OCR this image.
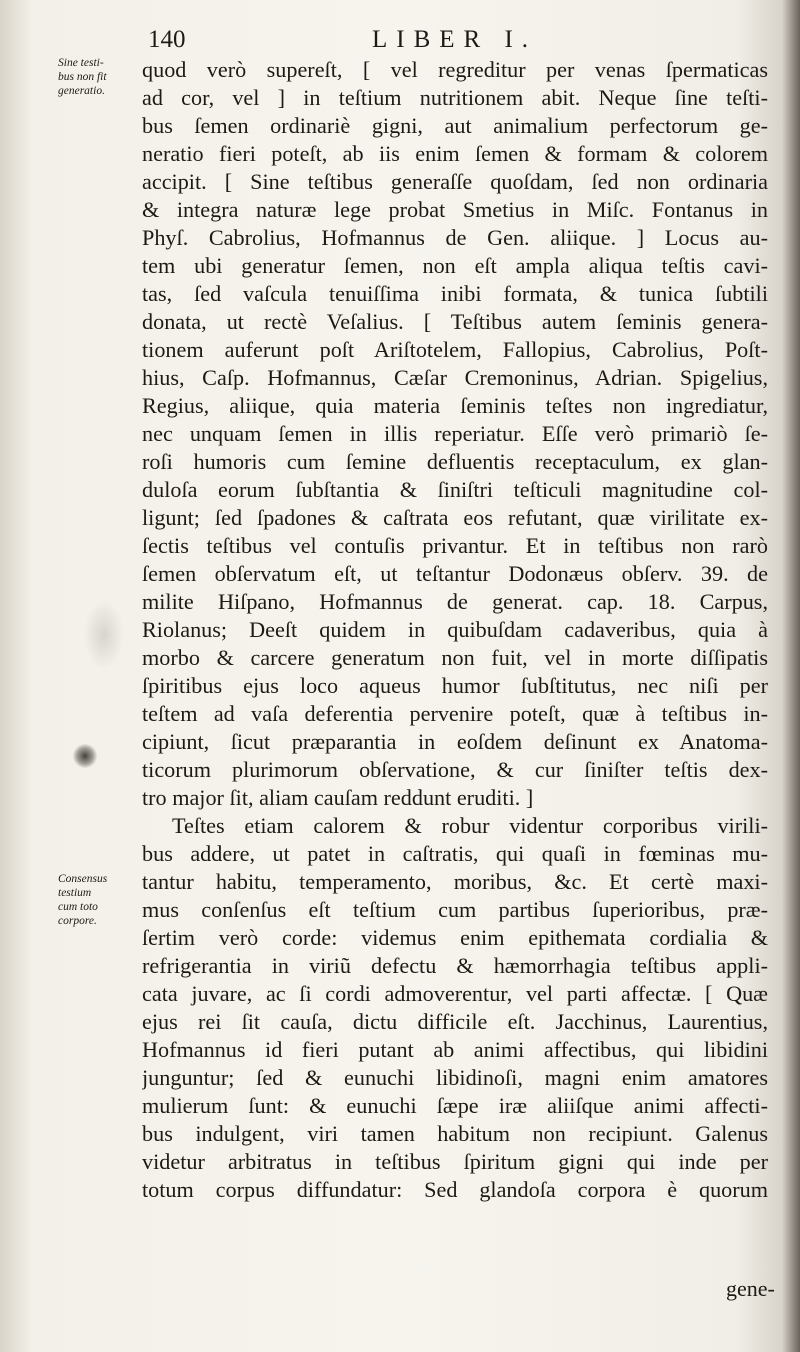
140	LIBER I.
Sine testi-
bus non fit
generatio.
Consensus
testium
cum toto
corpore.
quod verò supereſt, [ vel regreditur per venas ſpermaticas
ad cor, vel ] in teſtium nutritionem abit. Neque ſine teſti-
bus ſemen ordinariè gigni, aut animalium perfectorum ge-
neratio fieri poteſt, ab iis enim ſemen & formam & colorem
accipit. [ Sine teſtibus generaſſe quoſdam, ſed non ordinaria
& integra naturæ lege probat Smetius in Miſc. Fontanus in
Phyſ. Cabrolius, Hofmannus de Gen. aliique. ] Locus au-
tem ubi generatur ſemen, non eſt ampla aliqua teſtis cavi-
tas, ſed vaſcula tenuiſſima inibi formata, & tunica ſubtili
donata, ut rectè Veſalius. [ Teſtibus autem ſeminis genera-
tionem auferunt poſt Ariſtotelem, Fallopius, Cabrolius, Poſt-
hius, Caſp. Hofmannus, Cæſar Cremoninus, Adrian. Spigelius,
Regius, aliique, quia materia ſeminis teſtes non ingrediatur,
nec unquam ſemen in illis reperiatur. Eſſe verò primariò ſe-
roſi humoris cum ſemine defluentis receptaculum, ex glan-
duloſa eorum ſubſtantia & ſiniſtri teſticuli magnitudine col-
ligunt; ſed ſpadones & caſtrata eos refutant, quæ virilitate ex-
ſectis teſtibus vel contuſis privantur. Et in teſtibus non rarò
ſemen obſervatum eſt, ut teſtantur Dodonæus obſerv. 39. de
milite Hiſpano, Hofmannus de generat. cap. 18. Carpus,
Riolanus; Deeſt quidem in quibuſdam cadaveribus, quia à
morbo & carcere generatum non fuit, vel in morte diſſipatis
ſpiritibus ejus loco aqueus humor ſubſtitutus, nec niſi per
teſtem ad vaſa deferentia pervenire poteſt, quæ à teſtibus in-
cipiunt, ſicut præparantia in eoſdem deſinunt ex Anatoma-
ticorum plurimorum obſervatione, & cur ſiniſter teſtis dex-
tro major ſit, aliam cauſam reddunt eruditi. ]
Teſtes etiam calorem & robur videntur corporibus virili-
bus addere, ut patet in caſtratis, qui quaſi in fœminas mu-
tantur habitu, temperamento, moribus, &c. Et certè maxi-
mus conſenſus eſt teſtium cum partibus ſuperioribus, præ-
ſertim verò corde: videmus enim epithemata cordialia &
refrigerantia in viriũ defectu & hæmorrhagia teſtibus appli-
cata juvare, ac ſi cordi admoverentur, vel parti affectæ. [ Quæ
ejus rei ſit cauſa, dictu difficile eſt. Jacchinus, Laurentius,
Hofmannus id fieri putant ab animi affectibus, qui libidini
junguntur; ſed & eunuchi libidinoſi, magni enim amatores
mulierum ſunt: & eunuchi ſæpe iræ aliiſque animi affecti-
bus indulgent, viri tamen habitum non recipiunt. Galenus
videtur arbitratus in teſtibus ſpiritum gigni qui inde per
totum corpus diffundatur: Sed glandoſa corpora è quorum
gene-
